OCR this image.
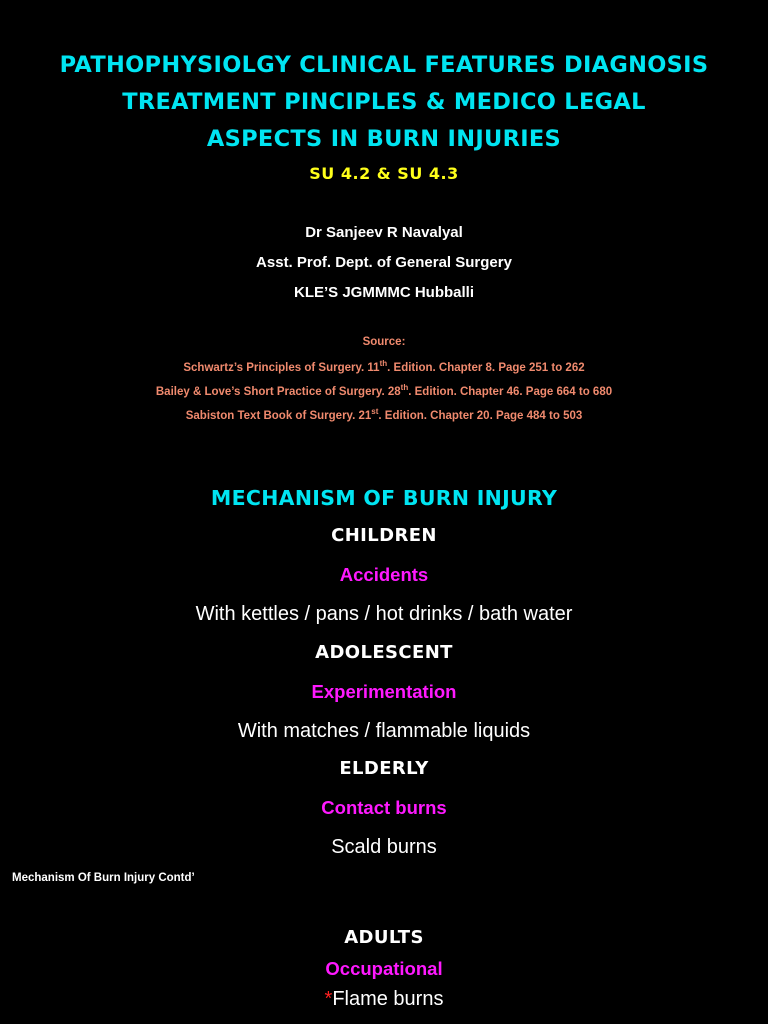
PATHOPHYSIOLGY CLINICAL FEATURES DIAGNOSIS
TREATMENT PINCIPLES & MEDICO LEGAL
ASPECTS IN BURN INJURIES
SU 4.2 & SU 4.3
Dr Sanjeev R Navalyal
Asst. Prof. Dept. of General Surgery
KLE’S JGMMMC Hubballi
Source:
Schwartz’s Principles of Surgery. 11th. Edition. Chapter 8. Page 251 to 262
Bailey & Love’s Short Practice of Surgery. 28th. Edition. Chapter 46. Page 664 to 680
Sabiston Text Book of Surgery. 21st. Edition. Chapter 20. Page 484 to 503
MECHANISM OF BURN INJURY
CHILDREN
Accidents
With kettles / pans / hot drinks / bath water
ADOLESCENT
Experimentation
With matches / flammable liquids
ELDERLY
Contact burns
Scald burns
Mechanism Of Burn Injury Contd’
ADULTS
Occupational
*Flame burns
